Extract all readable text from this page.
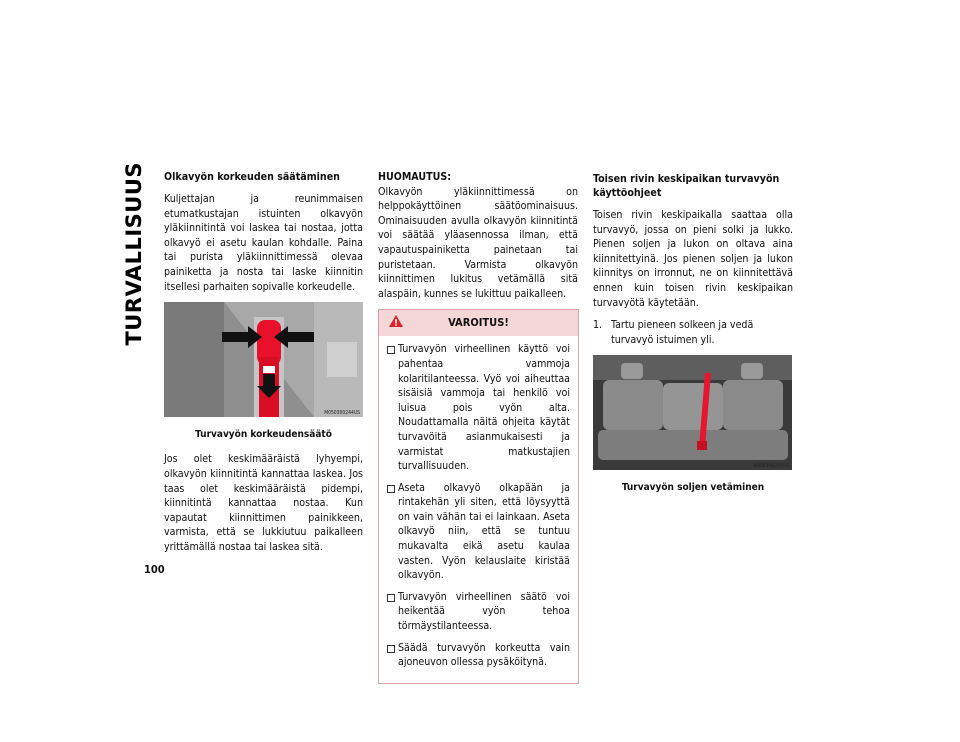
TURVALLISUUS
100
Olkavyön korkeuden säätäminen

Kuljettajan ja reunimmaisen etumatkustajan istuinten olkavyön yläkiinnitintä voi laskea tai nostaa, jotta olkavyö ei asetu kaulan kohdalle. Paina tai purista yläkiinnittimessä olevaa painiketta ja nosta tai laske kiinnitin itsellesi parhaiten sopivalle korkeudelle.

M050300244US
Turvavyön korkeudensäätö

Jos olet keskimääräistä lyhyempi, olkavyön kiinnitintä kannattaa laskea. Jos taas olet keskimääräistä pidempi, kiinnitintä kannattaa nostaa. Kun vapautat kiinnittimen painikkeen, varmista, että se lukkiutuu paikalleen yrittämällä nostaa tai laskea sitä.

HUOMAUTUS:

Olkavyön yläkiinnittimessä on helppokäyttöinen säätöominaisuus. Ominaisuuden avulla olkavyön kiinnitintä voi säätää yläasennossa ilman, että vapautuspainiketta painetaan tai puristetaan. Varmista olkavyön kiinnittimen lukitus vetämällä sitä alaspäin, kunnes se lukittuu paikalleen.

VAROITUS!
Turvavyön virheellinen käyttö voi pahentaa vammoja kolaritilanteessa. Vyö voi aiheuttaa sisäisiä vammoja tai henkilö voi luisua pois vyön alta. Noudattamalla näitä ohjeita käytät turvavöitä asianmukaisesti ja varmistat matkustajien turvallisuuden.
Aseta olkavyö olkapään ja rintakehän yli siten, että löysyyttä on vain vähän tai ei lainkaan. Aseta olkavyö niin, että se tuntuu mukavalta eikä asetu kaulaa vasten. Vyön kelauslaite kiristää olkavyön.
Turvavyön virheellinen säätö voi heikentää vyön tehoa törmäystilanteessa.
Säädä turvavyön korkeutta vain ajoneuvon ollessa pysäköitynä.
Toisen rivin keskipaikan turvavyön käyttöohjeet

Toisen rivin keskipaikalla saattaa olla turvavyö, jossa on pieni solki ja lukko. Pienen soljen ja lukon on oltava aina kiinnitettyinä. Jos pienen soljen ja lukon kiinnitys on irronnut, ne on kiinnitettävä ennen kuin toisen rivin keskipaikan turvavyötä käytetään.

1. Tartu pieneen solkeen ja vedä turvavyö istuimen yli.
M050300245US
Turvavyön soljen vetäminen
